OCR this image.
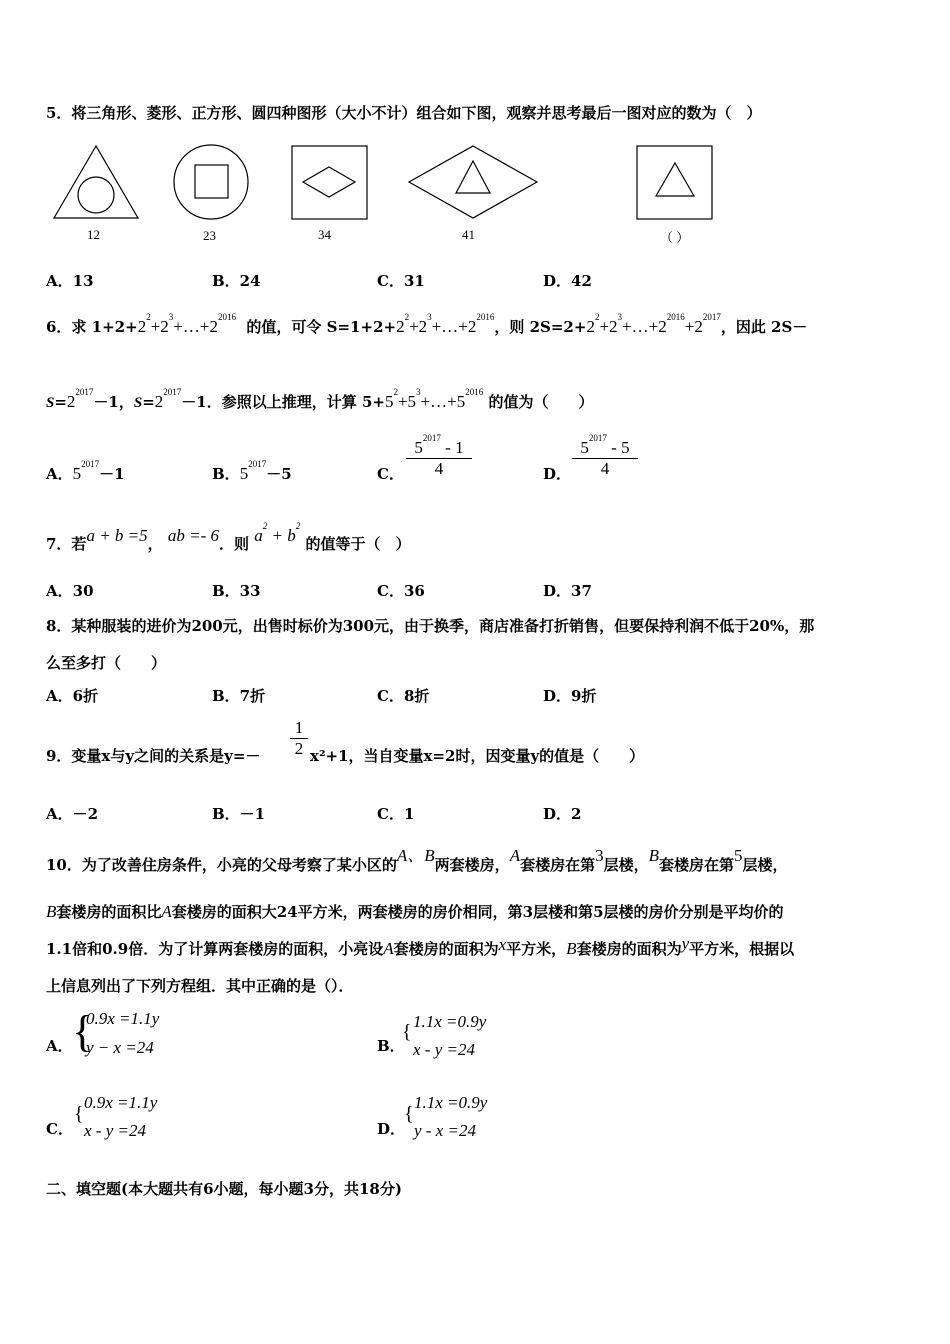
5．将三角形、菱形、正方形、圆四种图形（大小不计）组合如下图，观察并思考最后一图对应的数为（　）
12	23	34	41	（ ）
A．13	B．24	C．31	D．42
6．求 $1+2+2^2+2^3+\dots+2^{2016}$  的值，可令 $S=1+2+2^2+2^3+\dots+2^{2016}$，则 $2S=2+2^2+2^3+\dots+2^{2016}+2^{2017}$，因此 2S－
$S=2^{2017}-1$，$S=2^{2017}-1$．参照以上推理，计算 $5+5^2+5^3+\dots+5^{2016}$ 的值为（　　）
A．$5^{2017}-1$	B．$5^{2017}-5$	C． $\frac{5^{2017} - 1}{4}$	D． $\frac{5^{2017} - 5}{4}$
7．若a + b =5， ab =- 6．则 $a^2 + b^2$ 的值等于（　）
A．30	B．33	C．36	D．37
8．某种服装的进价为200元，出售时标价为300元，由于换季，商店准备打折销售，但要保持利润不低于20%，那
么至多打（　　）
A．6折	B．7折	C．8折	D．9折
9．变量x与y之间的关系是$y=- \frac{1}{2} x^2+1$，当自变量x=2时，因变量y的值是（　　）
A．－2	B．－1	C．1	D．2
10．为了改善住房条件，小亮的父母考察了某小区的A、B两套楼房，A套楼房在第3层楼，B套楼房在第5层楼，
B套楼房的面积比A套楼房的面积大24平方米，两套楼房的房价相同，第3层楼和第5层楼的房价分别是平均价的
1.1倍和0.9倍．为了计算两套楼房的面积，小亮设A套楼房的面积为x平方米，B套楼房的面积为y平方米，根据以
上信息列出了下列方程组．其中正确的是（）．
A． {
0.9x =1.1y
y − x =24	B．
{ 1.1x =0.9y
x - y =24
C．
{
0.9x =1.1y
x - y =24	D．
{
1.1x =0.9y
y - x =24
二、填空题(本大题共有6小题，每小题3分，共18分)
